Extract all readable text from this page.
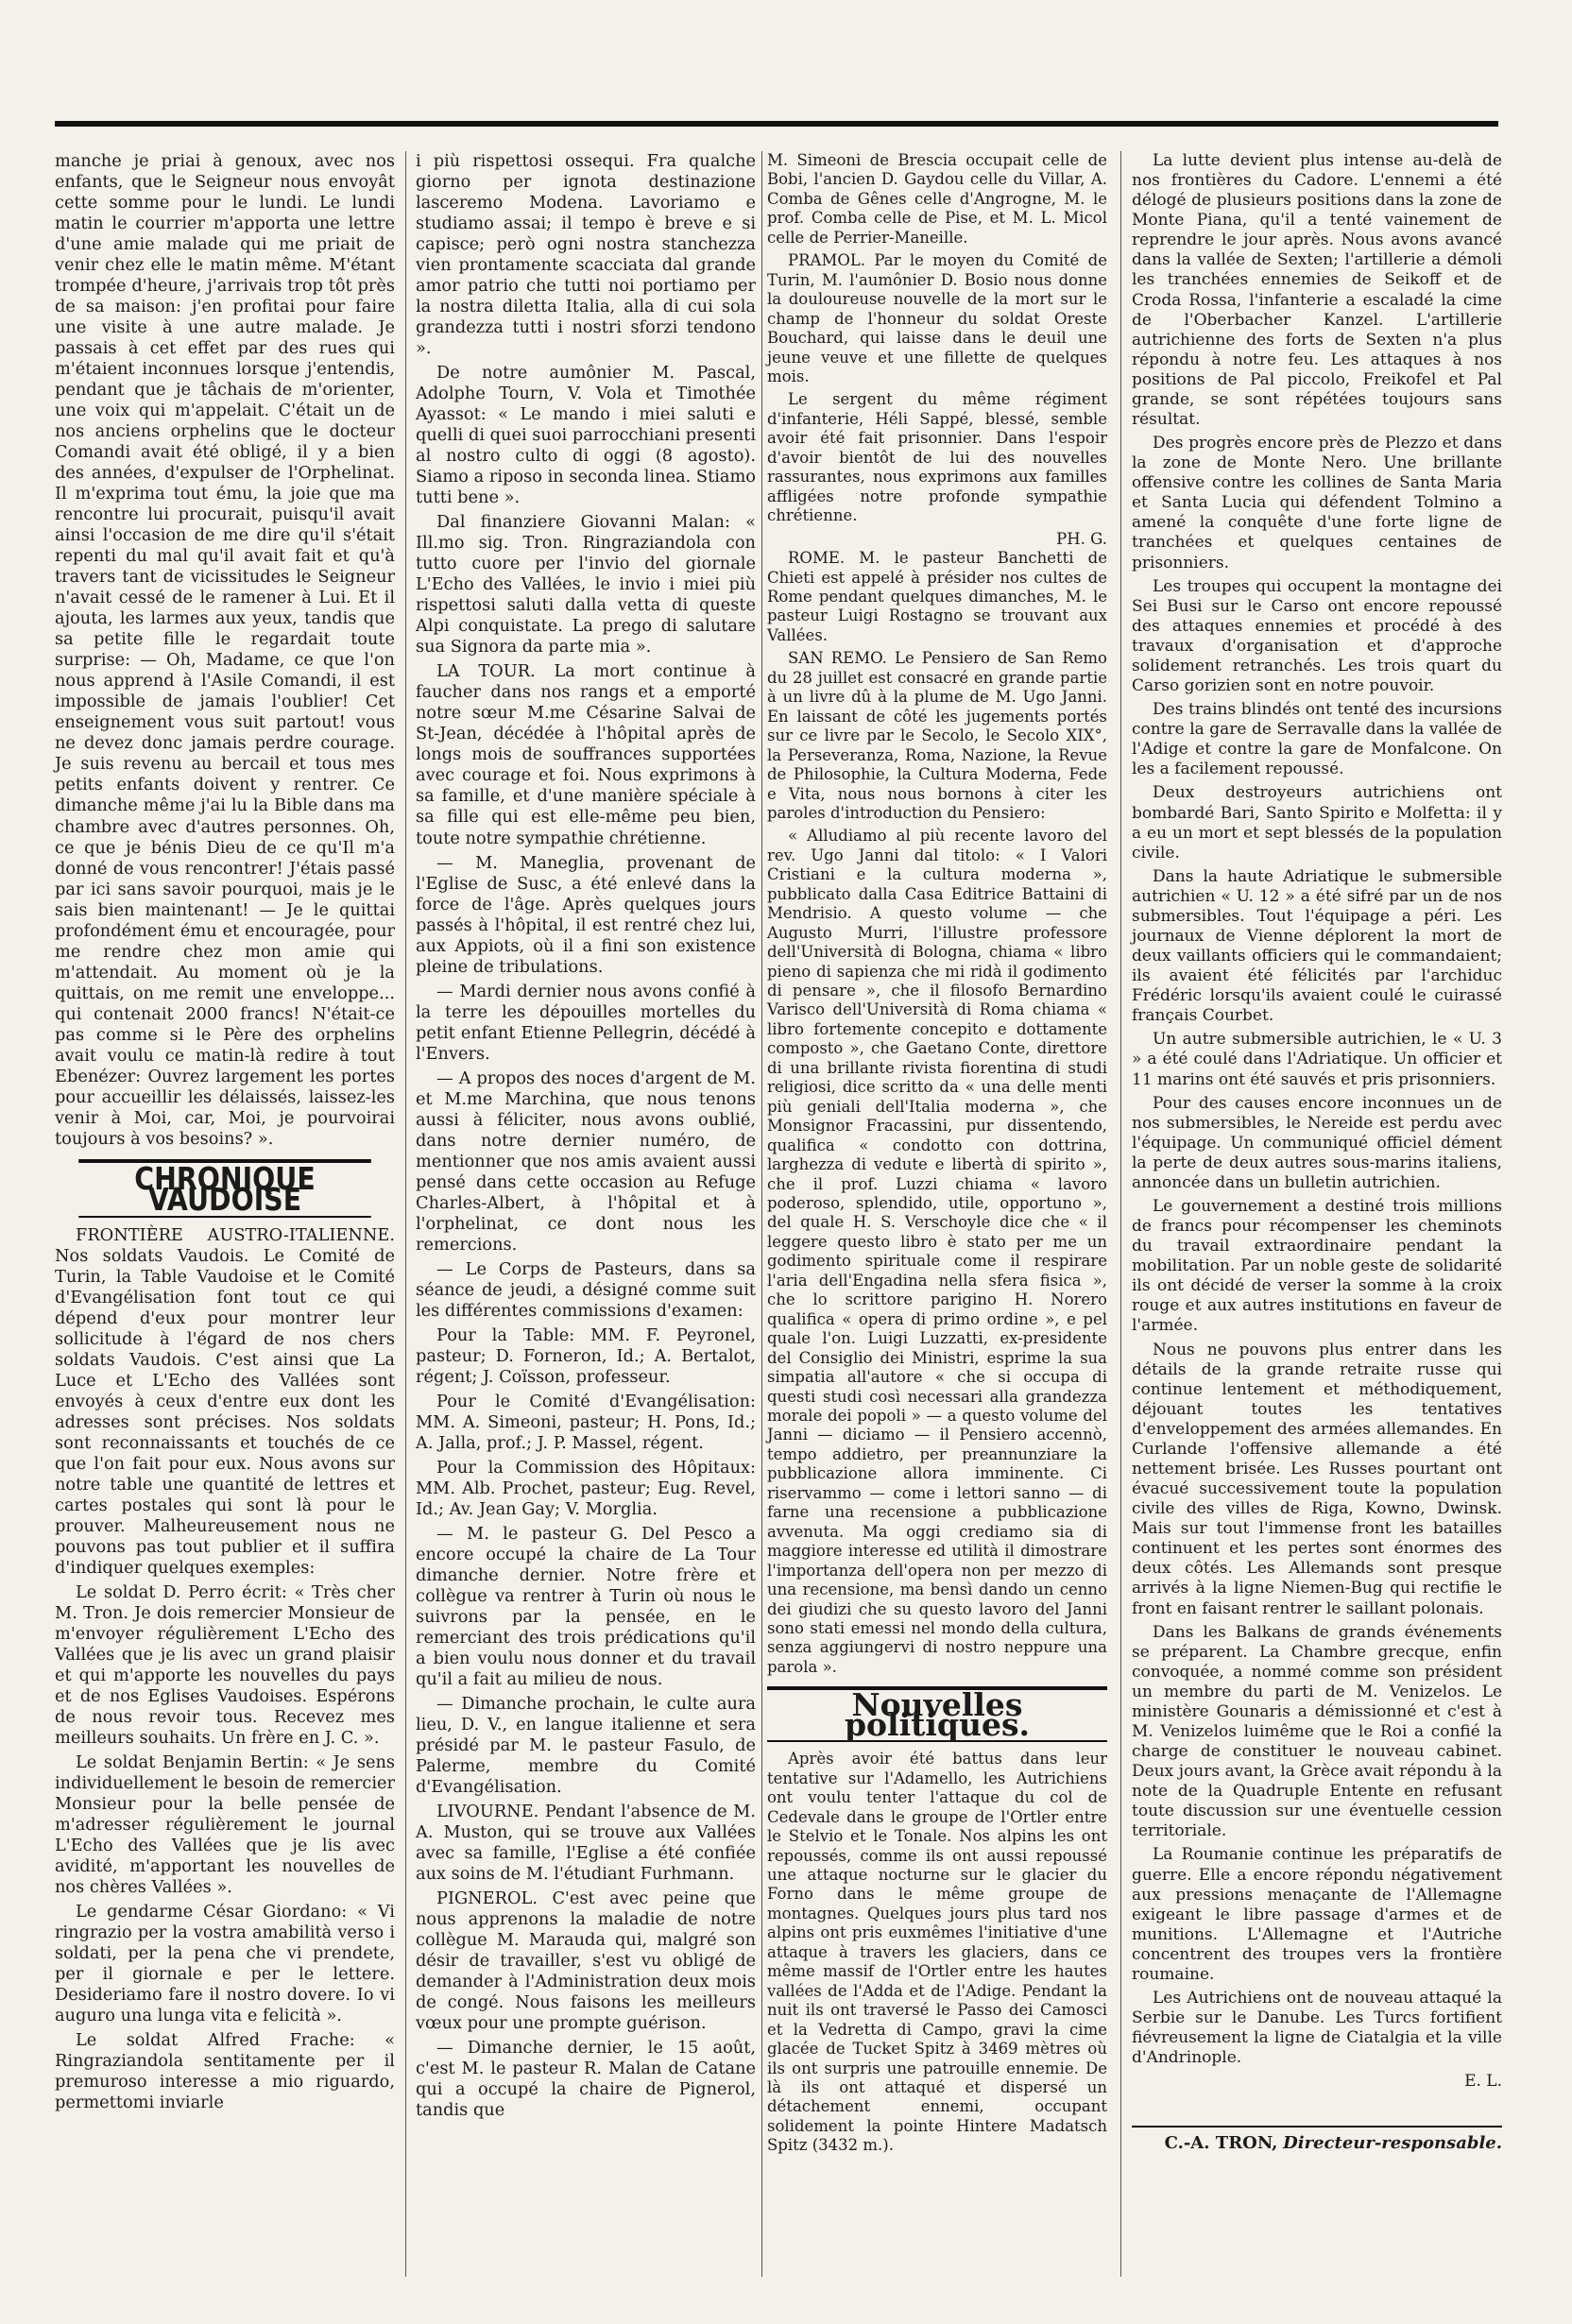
manche je priai à genoux, avec nos enfants, que le Seigneur nous envoyât cette somme pour le lundi. Le lundi matin le courrier m'apporta une lettre d'une amie malade qui me priait de venir chez elle le matin même. M'étant trompée d'heure, j'arrivais trop tôt près de sa maison: j'en profitai pour faire une visite à une autre malade. Je passais à cet effet par des rues qui m'étaient inconnues lorsque j'entendis, pendant que je tâchais de m'orienter, une voix qui m'appelait. C'était un de nos anciens orphelins que le docteur Comandi avait été obligé, il y a bien des années, d'expulser de l'Orphelinat. Il m'exprima tout ému, la joie que ma rencontre lui procurait, puisqu'il avait ainsi l'occasion de me dire qu'il s'était repenti du mal qu'il avait fait et qu'à travers tant de vicissitudes le Seigneur n'avait cessé de le ramener à Lui. Et il ajouta, les larmes aux yeux, tandis que sa petite fille le regardait toute surprise: — Oh, Madame, ce que l'on nous apprend à l'Asile Comandi, il est impossible de jamais l'oublier! Cet enseignement vous suit partout! vous ne devez donc jamais perdre courage. Je suis revenu au bercail et tous mes petits enfants doivent y rentrer. Ce dimanche même j'ai lu la Bible dans ma chambre avec d'autres personnes. Oh, ce que je bénis Dieu de ce qu'Il m'a donné de vous rencontrer! J'étais passé par ici sans savoir pourquoi, mais je le sais bien maintenant! — Je le quittai profondément ému et encouragée, pour me rendre chez mon amie qui m'attendait. Au moment où je la quittais, on me remit une enveloppe... qui contenait 2000 francs! N'était-ce pas comme si le Père des orphelins avait voulu ce matin-là redire à tout Ebenézer: Ouvrez largement les portes pour accueillir les délaissés, laissez-les venir à Moi, car, Moi, je pourvoirai toujours à vos besoins? ».

CHRONIQUE VAUDOISE

FRONTIÈRE AUSTRO-ITALIENNE. Nos soldats Vaudois. Le Comité de Turin, la Table Vaudoise et le Comité d'Evangélisation font tout ce qui dépend d'eux pour montrer leur sollicitude à l'égard de nos chers soldats Vaudois. C'est ainsi que La Luce et L'Echo des Vallées sont envoyés à ceux d'entre eux dont les adresses sont précises. Nos soldats sont reconnaissants et touchés de ce que l'on fait pour eux. Nous avons sur notre table une quantité de lettres et cartes postales qui sont là pour le prouver. Malheureusement nous ne pouvons pas tout publier et il suffira d'indiquer quelques exemples:

Le soldat D. Perro écrit: « Très cher M. Tron. Je dois remercier Monsieur de m'envoyer régulièrement L'Echo des Vallées que je lis avec un grand plaisir et qui m'apporte les nouvelles du pays et de nos Eglises Vaudoises. Espérons de nous revoir tous. Recevez mes meilleurs souhaits. Un frère en J. C. ».

Le soldat Benjamin Bertin: « Je sens individuellement le besoin de remercier Monsieur pour la belle pensée de m'adresser régulièrement le journal L'Echo des Vallées que je lis avec avidité, m'apportant les nouvelles de nos chères Vallées ».

Le gendarme César Giordano: « Vi ringrazio per la vostra amabilità verso i soldati, per la pena che vi prendete, per il giornale e per le lettere. Desideriamo fare il nostro dovere. Io vi auguro una lunga vita e felicità ».

Le soldat Alfred Frache: « Ringraziandola sentitamente per il premuroso interesse a mio riguardo, permettomi inviarle

i più rispettosi ossequi. Fra qualche giorno per ignota destinazione lasceremo Modena. Lavoriamo e studiamo assai; il tempo è breve e si capisce; però ogni nostra stanchezza vien prontamente scacciata dal grande amor patrio che tutti noi portiamo per la nostra diletta Italia, alla di cui sola grandezza tutti i nostri sforzi tendono ».

De notre aumônier M. Pascal, Adolphe Tourn, V. Vola et Timothée Ayassot: « Le mando i miei saluti e quelli di quei suoi parrocchiani presenti al nostro culto di oggi (8 agosto). Siamo a riposo in seconda linea. Stiamo tutti bene ».

Dal finanziere Giovanni Malan: « Ill.mo sig. Tron. Ringraziandola con tutto cuore per l'invio del giornale L'Echo des Vallées, le invio i miei più rispettosi saluti dalla vetta di queste Alpi conquistate. La prego di salutare sua Signora da parte mia ».

LA TOUR. La mort continue à faucher dans nos rangs et a emporté notre sœur M.me Césarine Salvai de St-Jean, décédée à l'hôpital après de longs mois de souffrances supportées avec courage et foi. Nous exprimons à sa famille, et d'une manière spéciale à sa fille qui est elle-même peu bien, toute notre sympathie chrétienne.

— M. Maneglia, provenant de l'Eglise de Susc, a été enlevé dans la force de l'âge. Après quelques jours passés à l'hôpital, il est rentré chez lui, aux Appiots, où il a fini son existence pleine de tribulations.

— Mardi dernier nous avons confié à la terre les dépouilles mortelles du petit enfant Etienne Pellegrin, décédé à l'Envers.

— A propos des noces d'argent de M. et M.me Marchina, que nous tenons aussi à féliciter, nous avons oublié, dans notre dernier numéro, de mentionner que nos amis avaient aussi pensé dans cette occasion au Refuge Charles-Albert, à l'hôpital et à l'orphelinat, ce dont nous les remercions.

— Le Corps de Pasteurs, dans sa séance de jeudi, a désigné comme suit les différentes commissions d'examen:

Pour la Table: MM. F. Peyronel, pasteur; D. Forneron, Id.; A. Bertalot, régent; J. Coïsson, professeur.

Pour le Comité d'Evangélisation: MM. A. Simeoni, pasteur; H. Pons, Id.; A. Jalla, prof.; J. P. Massel, régent.

Pour la Commission des Hôpitaux: MM. Alb. Prochet, pasteur; Eug. Revel, Id.; Av. Jean Gay; V. Morglia.

— M. le pasteur G. Del Pesco a encore occupé la chaire de La Tour dimanche dernier. Notre frère et collègue va rentrer à Turin où nous le suivrons par la pensée, en le remerciant des trois prédications qu'il a bien voulu nous donner et du travail qu'il a fait au milieu de nous.

— Dimanche prochain, le culte aura lieu, D. V., en langue italienne et sera présidé par M. le pasteur Fasulo, de Palerme, membre du Comité d'Evangélisation.

LIVOURNE. Pendant l'absence de M. A. Muston, qui se trouve aux Vallées avec sa famille, l'Eglise a été confiée aux soins de M. l'étudiant Furhmann.

PIGNEROL. C'est avec peine que nous apprenons la maladie de notre collègue M. Marauda qui, malgré son désir de travailler, s'est vu obligé de demander à l'Administration deux mois de congé. Nous faisons les meilleurs vœux pour une prompte guérison.

— Dimanche dernier, le 15 août, c'est M. le pasteur R. Malan de Catane qui a occupé la chaire de Pignerol, tandis que

M. Simeoni de Brescia occupait celle de Bobi, l'ancien D. Gaydou celle du Villar, A. Comba de Gênes celle d'Angrogne, M. le prof. Comba celle de Pise, et M. L. Micol celle de Perrier-Maneille.

PRAMOL. Par le moyen du Comité de Turin, M. l'aumônier D. Bosio nous donne la douloureuse nouvelle de la mort sur le champ de l'honneur du soldat Oreste Bouchard, qui laisse dans le deuil une jeune veuve et une fillette de quelques mois.

Le sergent du même régiment d'infanterie, Héli Sappé, blessé, semble avoir été fait prisonnier. Dans l'espoir d'avoir bientôt de lui des nouvelles rassurantes, nous exprimons aux familles affligées notre profonde sympathie chrétienne.

PH. G.

ROME. M. le pasteur Banchetti de Chieti est appelé à présider nos cultes de Rome pendant quelques dimanches, M. le pasteur Luigi Rostagno se trouvant aux Vallées.

SAN REMO. Le Pensiero de San Remo du 28 juillet est consacré en grande partie à un livre dû à la plume de M. Ugo Janni. En laissant de côté les jugements portés sur ce livre par le Secolo, le Secolo XIX°, la Perseveranza, Roma, Nazione, la Revue de Philosophie, la Cultura Moderna, Fede e Vita, nous nous bornons à citer les paroles d'introduction du Pensiero:

« Alludiamo al più recente lavoro del rev. Ugo Janni dal titolo: « I Valori Cristiani e la cultura moderna », pubblicato dalla Casa Editrice Battaini di Mendrisio. A questo volume — che Augusto Murri, l'illustre professore dell'Università di Bologna, chiama « libro pieno di sapienza che mi ridà il godimento di pensare », che il filosofo Bernardino Varisco dell'Università di Roma chiama « libro fortemente concepito e dottamente composto », che Gaetano Conte, direttore di una brillante rivista fiorentina di studi religiosi, dice scritto da « una delle menti più geniali dell'Italia moderna », che Monsignor Fracassini, pur dissentendo, qualifica « condotto con dottrina, larghezza di vedute e libertà di spirito », che il prof. Luzzi chiama « lavoro poderoso, splendido, utile, opportuno », del quale H. S. Verschoyle dice che « il leggere questo libro è stato per me un godimento spirituale come il respirare l'aria dell'Engadina nella sfera fisica », che lo scrittore parigino H. Norero qualifica « opera di primo ordine », e pel quale l'on. Luigi Luzzatti, ex-presidente del Consiglio dei Ministri, esprime la sua simpatia all'autore « che si occupa di questi studi così necessari alla grandezza morale dei popoli » — a questo volume del Janni — diciamo — il Pensiero accennò, tempo addietro, per preannunziare la pubblicazione allora imminente. Ci riservammo — come i lettori sanno — di farne una recensione a pubblicazione avvenuta. Ma oggi crediamo sia di maggiore interesse ed utilità il dimostrare l'importanza dell'opera non per mezzo di una recensione, ma bensì dando un cenno dei giudizi che su questo lavoro del Janni sono stati emessi nel mondo della cultura, senza aggiungervi di nostro neppure una parola ».

Nouvelles politiques.

Après avoir été battus dans leur tentative sur l'Adamello, les Autrichiens ont voulu tenter l'attaque du col de Cedevale dans le groupe de l'Ortler entre le Stelvio et le Tonale. Nos alpins les ont repoussés, comme ils ont aussi repoussé une attaque nocturne sur le glacier du Forno dans le même groupe de montagnes. Quelques jours plus tard nos alpins ont pris euxmêmes l'initiative d'une attaque à travers les glaciers, dans ce même massif de l'Ortler entre les hautes vallées de l'Adda et de l'Adige. Pendant la nuit ils ont traversé le Passo dei Camosci et la Vedretta di Campo, gravi la cime glacée de Tucket Spitz à 3469 mètres où ils ont surpris une patrouille ennemie. De là ils ont attaqué et dispersé un détachement ennemi, occupant solidement la pointe Hintere Madatsch Spitz (3432 m.).

La lutte devient plus intense au-delà de nos frontières du Cadore. L'ennemi a été délogé de plusieurs positions dans la zone de Monte Piana, qu'il a tenté vainement de reprendre le jour après. Nous avons avancé dans la vallée de Sexten; l'artillerie a démoli les tranchées ennemies de Seikoff et de Croda Rossa, l'infanterie a escaladé la cime de l'Oberbacher Kanzel. L'artillerie autrichienne des forts de Sexten n'a plus répondu à notre feu. Les attaques à nos positions de Pal piccolo, Freikofel et Pal grande, se sont répétées toujours sans résultat.

Des progrès encore près de Plezzo et dans la zone de Monte Nero. Une brillante offensive contre les collines de Santa Maria et Santa Lucia qui défendent Tolmino a amené la conquête d'une forte ligne de tranchées et quelques centaines de prisonniers.

Les troupes qui occupent la montagne dei Sei Busi sur le Carso ont encore repoussé des attaques ennemies et procédé à des travaux d'organisation et d'approche solidement retranchés. Les trois quart du Carso gorizien sont en notre pouvoir.

Des trains blindés ont tenté des incursions contre la gare de Serravalle dans la vallée de l'Adige et contre la gare de Monfalcone. On les a facilement repoussé.

Deux destroyeurs autrichiens ont bombardé Bari, Santo Spirito e Molfetta: il y a eu un mort et sept blessés de la population civile.

Dans la haute Adriatique le submersible autrichien « U. 12 » a été sifré par un de nos submersibles. Tout l'équipage a péri. Les journaux de Vienne déplorent la mort de deux vaillants officiers qui le commandaient; ils avaient été félicités par l'archiduc Frédéric lorsqu'ils avaient coulé le cuirassé français Courbet.

Un autre submersible autrichien, le « U. 3 » a été coulé dans l'Adriatique. Un officier et 11 marins ont été sauvés et pris prisonniers.

Pour des causes encore inconnues un de nos submersibles, le Nereide est perdu avec l'équipage. Un communiqué officiel dément la perte de deux autres sous-marins italiens, annoncée dans un bulletin autrichien.

Le gouvernement a destiné trois millions de francs pour récompenser les cheminots du travail extraordinaire pendant la mobilitation. Par un noble geste de solidarité ils ont décidé de verser la somme à la croix rouge et aux autres institutions en faveur de l'armée.

Nous ne pouvons plus entrer dans les détails de la grande retraite russe qui continue lentement et méthodiquement, déjouant toutes les tentatives d'enveloppement des armées allemandes. En Curlande l'offensive allemande a été nettement brisée. Les Russes pourtant ont évacué successivement toute la population civile des villes de Riga, Kowno, Dwinsk. Mais sur tout l'immense front les batailles continuent et les pertes sont énormes des deux côtés. Les Allemands sont presque arrivés à la ligne Niemen-Bug qui rectifie le front en faisant rentrer le saillant polonais.

Dans les Balkans de grands événements se préparent. La Chambre grecque, enfin convoquée, a nommé comme son président un membre du parti de M. Venizelos. Le ministère Gounaris a démissionné et c'est à M. Venizelos luimême que le Roi a confié la charge de constituer le nouveau cabinet. Deux jours avant, la Grèce avait répondu à la note de la Quadruple Entente en refusant toute discussion sur une éventuelle cession territoriale.

La Roumanie continue les préparatifs de guerre. Elle a encore répondu négativement aux pressions menaçante de l'Allemagne exigeant le libre passage d'armes et de munitions. L'Allemagne et l'Autriche concentrent des troupes vers la frontière roumaine.

Les Autrichiens ont de nouveau attaqué la Serbie sur le Danube. Les Turcs fortifient fiévreusement la ligne de Ciatalgia et la ville d'Andrinople.

E. L.
C.-A. TRON, Directeur-responsable.
